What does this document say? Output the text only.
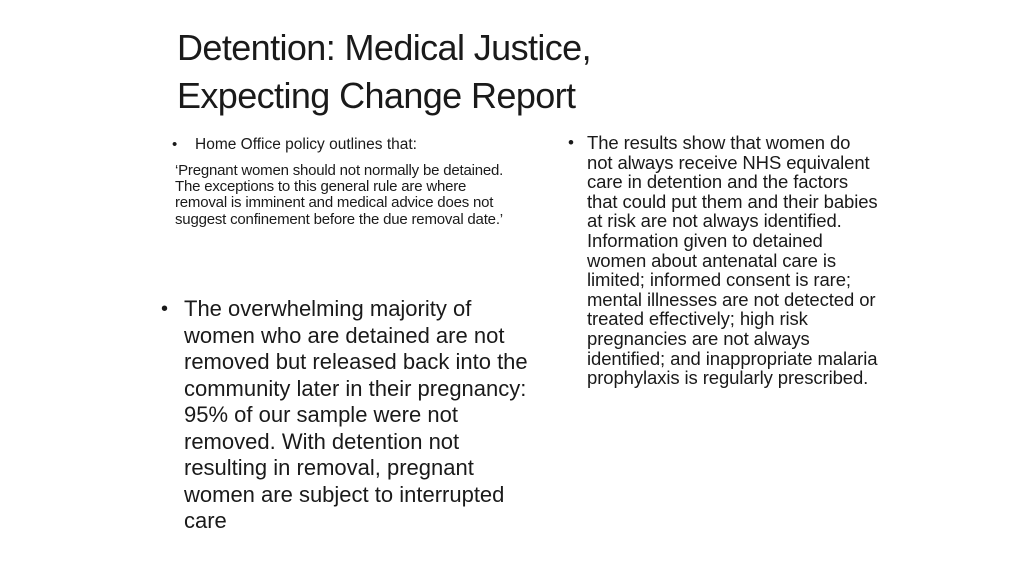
Detention: Medical Justice,
Expecting Change Report
•	Home Office policy outlines that:

‘Pregnant women should not normally be detained. The exceptions to this general rule are where removal is imminent and medical advice does not suggest confinement before the due removal date.’

• The overwhelming majority of women who are detained are not removed but released back into the community later in their pregnancy: 95% of our sample were not removed. With detention not resulting in removal, pregnant women are subject to interrupted care
• The results show that women do not always receive NHS equivalent care in detention and the factors that could put them and their babies at risk are not always identified. Information given to detained women about antenatal care is limited; informed consent is rare; mental illnesses are not detected or treated effectively; high risk pregnancies are not always identified; and inappropriate malaria prophylaxis is regularly prescribed.
